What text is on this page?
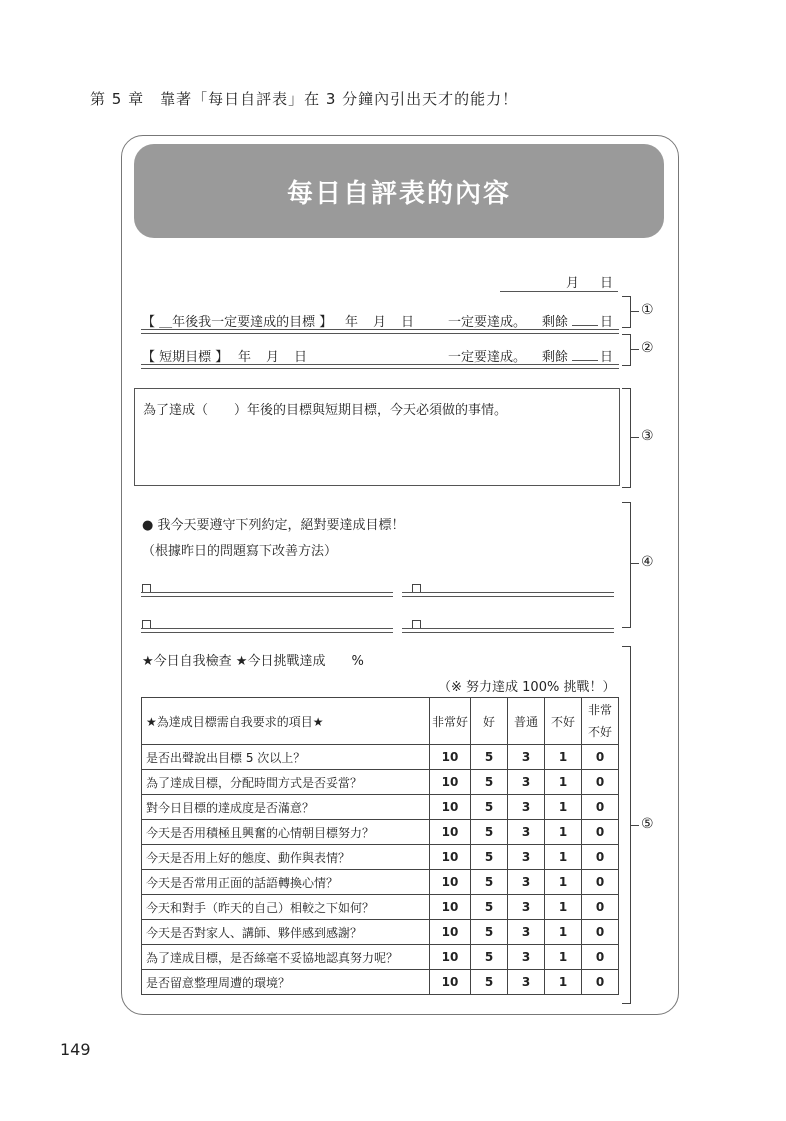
第 5 章　靠著「每日自評表」在 3 分鐘內引出天才的能力！
每日自評表的內容
月 日
【 ＿年後我一定要達成的目標 】 年 月 日	一定要達成。 剩餘 日
①
【 短期目標 】 年 月 日	一定要達成。 剩餘 日
②
為了達成（　　）年後的目標與短期目標，今天必須做的事情。
③
● 我今天要遵守下列約定，絕對要達成目標！
（根據昨日的問題寫下改善方法）
④
★今日自我檢查 ★今日挑戰達成　　%
（※ 努力達成 100% 挑戰！）
★為達成目標需自我要求的項目★	非常好	好	普通	不好	非常不好
是否出聲說出目標 5 次以上？	10	5	3	1	0
為了達成目標，分配時間方式是否妥當？	10	5	3	1	0
對今日目標的達成度是否滿意？	10	5	3	1	0
今天是否用積極且興奮的心情朝目標努力？	10	5	3	1	0
今天是否用上好的態度、動作與表情？	10	5	3	1	0
今天是否常用正面的話語轉換心情？	10	5	3	1	0
今天和對手（昨天的自己）相較之下如何？	10	5	3	1	0
今天是否對家人、講師、夥伴感到感謝？	10	5	3	1	0
為了達成目標，是否絲毫不妥協地認真努力呢？	10	5	3	1	0
是否留意整理周遭的環境？	10	5	3	1	0
⑤
149
